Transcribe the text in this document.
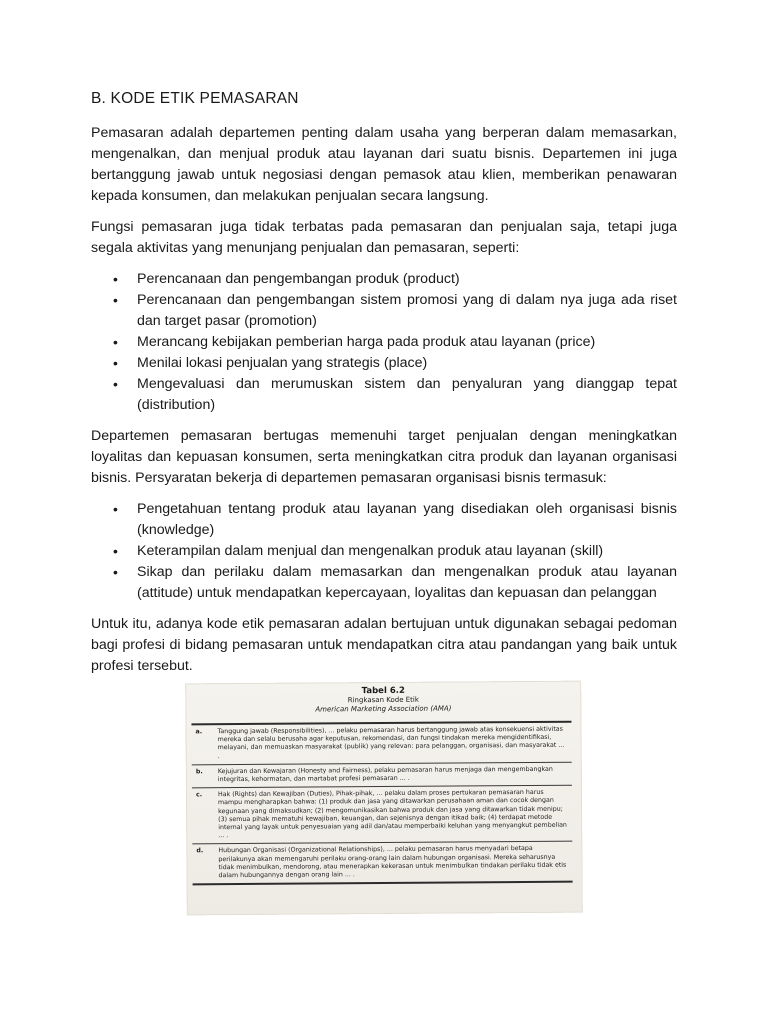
B. KODE ETIK PEMASARAN

Pemasaran adalah departemen penting dalam usaha yang berperan dalam memasarkan, mengenalkan, dan menjual produk atau layanan dari suatu bisnis. Departemen ini juga bertanggung jawab untuk negosiasi dengan pemasok atau klien, memberikan penawaran kepada konsumen, dan melakukan penjualan secara langsung.

Fungsi pemasaran juga tidak terbatas pada pemasaran dan penjualan saja, tetapi juga segala aktivitas yang menunjang penjualan dan pemasaran, seperti:

• Perencanaan dan pengembangan produk (product)
• Perencanaan dan pengembangan sistem promosi yang di dalam nya juga ada riset dan target pasar (promotion)
• Merancang kebijakan pemberian harga pada produk atau layanan (price)
• Menilai lokasi penjualan yang strategis (place)
• Mengevaluasi dan merumuskan sistem dan penyaluran yang dianggap tepat (distribution)

Departemen pemasaran bertugas memenuhi target penjualan dengan meningkatkan loyalitas dan kepuasan konsumen, serta meningkatkan citra produk dan layanan organisasi bisnis. Persyaratan bekerja di departemen pemasaran organisasi bisnis termasuk:

• Pengetahuan tentang produk atau layanan yang disediakan oleh organisasi bisnis (knowledge)
• Keterampilan dalam menjual dan mengenalkan produk atau layanan (skill)
• Sikap dan perilaku dalam memasarkan dan mengenalkan produk atau layanan (attitude) untuk mendapatkan kepercayaan, loyalitas dan kepuasan dan pelanggan

Untuk itu, adanya kode etik pemasaran adalan bertujuan untuk digunakan sebagai pedoman bagi profesi di bidang pemasaran untuk mendapatkan citra atau pandangan yang baik untuk profesi tersebut.

Tabel 6.2
Ringkasan Kode Etik
American Marketing Association (AMA)
a.	Tanggung jawab (Responsibilities), ... pelaku pemasaran harus bertanggung jawab atas konsekuensi aktivitas mereka dan selalu berusaha agar keputusan, rekomendasi, dan fungsi tindakan mereka mengidentifikasi, melayani, dan memuaskan masyarakat (publik) yang relevan: para pelanggan, organisasi, dan masyarakat ... .
b.	Kejujuran dan Kewajaran (Honesty and Fairness), pelaku pemasaran harus menjaga dan mengembangkan integritas, kehormatan, dan martabat profesi pemasaran ... .
c.	Hak (Rights) dan Kewajiban (Duties), Pihak-pihak, ... pelaku dalam proses pertukaran pemasaran harus mampu mengharapkan bahwa: (1) produk dan jasa yang ditawarkan perusahaan aman dan cocok dengan kegunaan yang dimaksudkan; (2) mengomunikasikan bahwa produk dan jasa yang ditawarkan tidak menipu; (3) semua pihak mematuhi kewajiban, keuangan, dan sejenisnya dengan itikad baik; (4) terdapat metode internal yang layak untuk penyesuaian yang adil dan/atau memperbaiki keluhan yang menyangkut pembelian ... .
d.	Hubungan Organisasi (Organizational Relationships), ... pelaku pemasaran harus menyadari betapa perilakunya akan memengaruhi perilaku orang-orang lain dalam hubungan organisasi. Mereka seharusnya tidak menimbulkan, mendorong, atau menerapkan kekerasan untuk menimbulkan tindakan perilaku tidak etis dalam hubungannya dengan orang lain ... .
